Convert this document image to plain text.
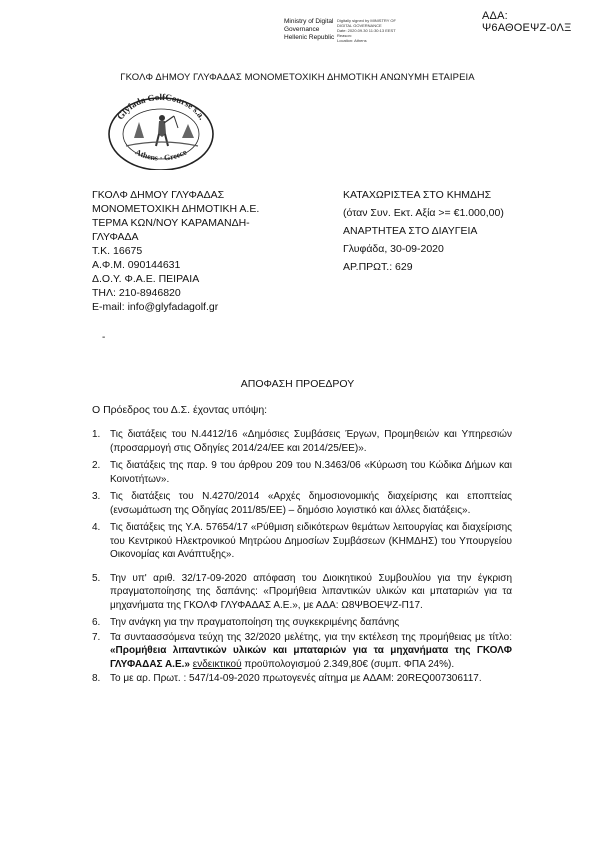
ΑΔΑ: Ψ6ΑΘΟΕΨΖ-0ΛΞ
Ministry of Digital
Governance
Hellenic Republic
Digitally signed by MINISTRY OF
DIGITAL GOVERNANCE
Date: 2020.09.30 11:30:13 EEST
Reason:
Location: Athens
ΓΚΟΛΦ ΔΗΜΟΥ ΓΛΥΦΑΔΑΣ ΜΟΝΟΜΕΤΟΧΙΚΗ ΔΗΜΟΤΙΚΗ ΑΝΩΝΥΜΗ ΕΤΑΙΡΕΙΑ
Glyfada GolfCourse s.a.
Athens · Greece
ΓΚΟΛΦ ΔΗΜΟΥ ΓΛΥΦΑΔΑΣ
ΜΟΝΟΜΕΤΟΧΙΚΗ ΔΗΜΟΤΙΚΗ Α.Ε.
ΤΕΡΜΑ ΚΩΝ/ΝΟΥ ΚΑΡΑΜΑΝΔΗ-
ΓΛΥΦΑΔΑ
Τ.Κ. 16675
Α.Φ.Μ. 090144631
Δ.Ο.Υ. Φ.Α.Ε. ΠΕΙΡΑΙΑ
ΤΗΛ: 210-8946820
E-mail: info@glyfadagolf.gr
ΚΑΤΑΧΩΡΙΣΤΕΑ ΣΤΟ ΚΗΜΔΗΣ
(όταν Συν. Εκτ. Αξία >= €1.000,00)
ΑΝΑΡΤΗΤΕΑ ΣΤΟ ΔΙΑΥΓΕΙΑ
Γλυφάδα, 30-09-2020
ΑΡ.ΠΡΩΤ.: 629
-
ΑΠΟΦΑΣΗ ΠΡΟΕΔΡΟΥ
Ο Πρόεδρος του Δ.Σ. έχοντας υπόψη:
1. Τις διατάξεις του Ν.4412/16 «Δημόσιες Συμβάσεις Έργων, Προμηθειών και Υπηρεσιών (προσαρμογή στις Οδηγίες 2014/24/ΕΕ και 2014/25/ΕΕ)».
2. Τις διατάξεις της παρ. 9 του άρθρου 209 του Ν.3463/06 «Κύρωση του Κώδικα Δήμων και Κοινοτήτων».
3. Τις διατάξεις του Ν.4270/2014 «Αρχές δημοσιονομικής διαχείρισης και εποπτείας (ενσωμάτωση της Οδηγίας 2011/85/ΕΕ) – δημόσιο λογιστικό και άλλες διατάξεις».
4. Τις διατάξεις της Υ.Α. 57654/17 «Ρύθμιση ειδικότερων θεμάτων λειτουργίας και διαχείρισης του Κεντρικού Ηλεκτρονικού Μητρώου Δημοσίων Συμβάσεων (ΚΗΜΔΗΣ) του Υπουργείου Οικονομίας και Ανάπτυξης».
5. Την υπ' αριθ. 32/17-09-2020 απόφαση του Διοικητικού Συμβουλίου για την έγκριση πραγματοποίησης της δαπάνης: «Προμήθεια λιπαντικών υλικών και μπαταριών για τα μηχανήματα της ΓΚΟΛΦ ΓΛΥΦΑΔΑΣ Α.Ε.», με ΑΔΑ: Ω8ΨΒΟΕΨΖ-Π17.
6. Την ανάγκη για την πραγματοποίηση της συγκεκριμένης δαπάνης
7. Τα συνταασσόμενα τεύχη της 32/2020 μελέτης, για την εκτέλεση της προμήθειας με τίτλο: «Προμήθεια λιπαντικών υλικών και μπαταριών για τα μηχανήματα της ΓΚΟΛΦ ΓΛΥΦΑΔΑΣ Α.Ε.» ενδεικτικού προϋπολογισμού 2.349,80€ (συμπ. ΦΠΑ 24%).
8. Το με αρ. Πρωτ. : 547/14-09-2020 πρωτογενές αίτημα με ΑΔΑΜ: 20REQ007306117.
